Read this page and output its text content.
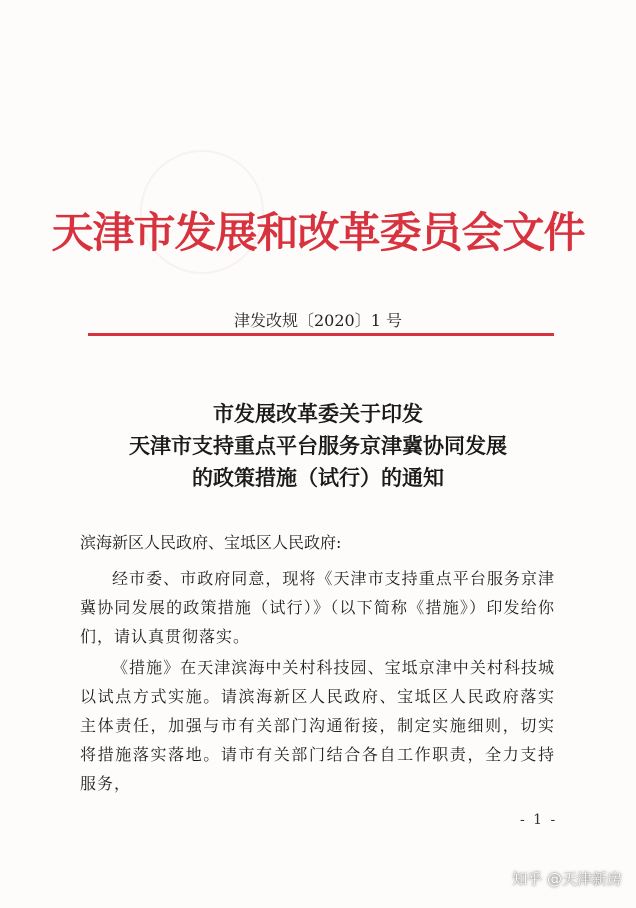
天津市发展和改革委员会文件
津发改规〔2020〕1 号
市发展改革委关于印发
天津市支持重点平台服务京津冀协同发展
的政策措施（试行）的通知
滨海新区人民政府、宝坻区人民政府:
经市委、市政府同意，现将《天津市支持重点平台服务京津冀协同发展的政策措施（试行）》（以下简称《措施》）印发给你们，请认真贯彻落实。
《措施》在天津滨海中关村科技园、宝坻京津中关村科技城以试点方式实施。请滨海新区人民政府、宝坻区人民政府落实主体责任，加强与市有关部门沟通衔接，制定实施细则，切实将措施落实落地。请市有关部门结合各自工作职责，全力支持服务，
- 1 -
知乎 @天津新房
